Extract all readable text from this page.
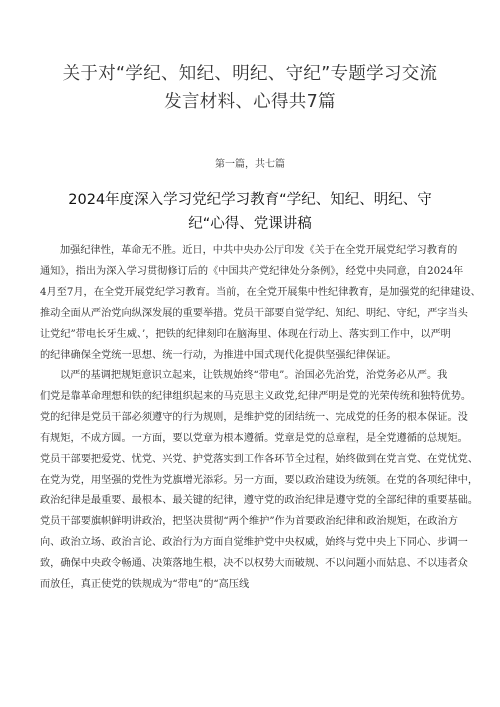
关于对“学纪、知纪、明纪、守纪”专题学习交流
发言材料、心得共7篇
第一篇，共七篇
2024年度深入学习党纪学习教育“学纪、知纪、明纪、守
纪“心得、党课讲稿
加强纪律性，革命无不胜。近日，中共中央办公厅印发《关于在全党开展党纪学习教育的
通知》，指出为深入学习贯彻修订后的《中国共产党纪律处分条例》，经党中央同意，自2024年
4月至7月，在全党开展党纪学习教育。当前，在全党开展集中性纪律教育，是加强党的纪律建设、
推动全面从严治党向纵深发展的重要举措。党员干部要自觉学纪、知纪、明纪、守纪，严字当头
让党纪”带电长牙生威、’，把铁的纪律刻印在脑海里、体现在行动上、落实到工作中，以严明
的纪律确保全党统一思想、统一行动，为推进中国式现代化提供坚强纪律保证。
以严的基调把规矩意识立起来，让铁规始终“带电”。治国必先治党，治党务必从严。我
们党是靠革命理想和铁的纪律组织起来的马克思主义政党,纪律严明是党的光荣传统和独特优势。
党的纪律是党员干部必须遵守的行为规则，是维护党的团结统一、完成党的任务的根本保证。没
有规矩，不成方圆。一方面，要以党章为根本遵循。党章是党的总章程，是全党遵循的总规矩。
党员干部要把爱党、忧党、兴党、护党落实到工作各环节全过程，始终做到在党言党、在党忧党、
在党为党，用坚强的党性为党旗增光添彩。另一方面，要以政治建设为统领。在党的各项纪律中，
政治纪律是最重要、最根本、最关键的纪律，遵守党的政治纪律是遵守党的全部纪律的重要基础。
党员干部要旗帜鲜明讲政治，把坚决贯彻“两个维护”作为首要政治纪律和政治规矩，在政治方
向、政治立场、政治言论、政治行为方面自觉维护党中央权威，始终与党中央上下同心、步调一
致，确保中央政令畅通、决策落地生根，决不以权势大而破规、不以问题小而姑息、不以违者众
而放任，真正使党的铁规成为“带电”的“高压线
